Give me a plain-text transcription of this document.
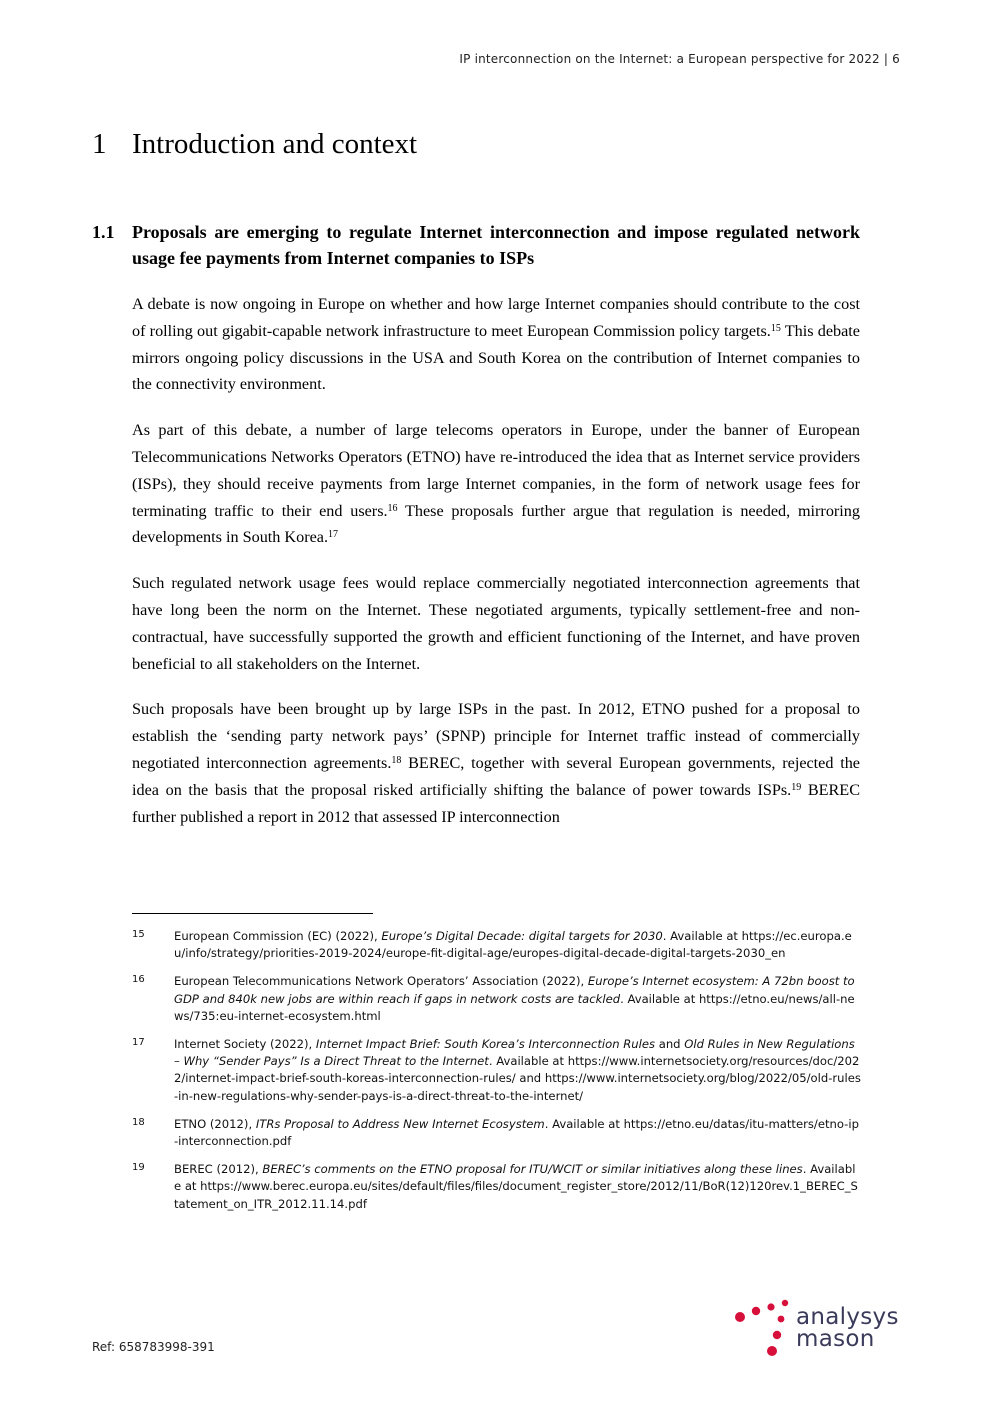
IP interconnection on the Internet: a European perspective for 2022 | 6
1 Introduction and context
1.1 Proposals are emerging to regulate Internet interconnection and impose regulated network usage fee payments from Internet companies to ISPs

A debate is now ongoing in Europe on whether and how large Internet companies should contribute to the cost of rolling out gigabit-capable network infrastructure to meet European Commission policy targets.$^{15}$ This debate mirrors ongoing policy discussions in the USA and South Korea on the contribution of Internet companies to the connectivity environment.

As part of this debate, a number of large telecoms operators in Europe, under the banner of European Telecommunications Networks Operators (ETNO) have re-introduced the idea that as Internet service providers (ISPs), they should receive payments from large Internet companies, in the form of network usage fees for terminating traffic to their end users.$^{16}$ These proposals further argue that regulation is needed, mirroring developments in South Korea.$^{17}$

Such regulated network usage fees would replace commercially negotiated interconnection agreements that have long been the norm on the Internet. These negotiated arguments, typically settlement-free and non-contractual, have successfully supported the growth and efficient functioning of the Internet, and have proven beneficial to all stakeholders on the Internet.

Such proposals have been brought up by large ISPs in the past. In 2012, ETNO pushed for a proposal to establish the ‘sending party network pays’ (SPNP) principle for Internet traffic instead of commercially negotiated interconnection agreements.$^{18}$ BEREC, together with several European governments, rejected the idea on the basis that the proposal risked artificially shifting the balance of power towards ISPs.$^{19}$ BEREC further published a report in 2012 that assessed IP interconnection

15	European Commission (EC) (2022), Europe’s Digital Decade: digital targets for 2030. Available at https://ec.europa.eu/info/strategy/priorities-2019-2024/europe-fit-digital-age/europes-digital-decade-digital-targets-2030_en
16	European Telecommunications Network Operators’ Association (2022), Europe’s Internet ecosystem: A 72bn boost to GDP and 840k new jobs are within reach if gaps in network costs are tackled. Available at https://etno.eu/news/all-news/735:eu-internet-ecosystem.html
17	Internet Society (2022), Internet Impact Brief: South Korea’s Interconnection Rules and Old Rules in New Regulations – Why “Sender Pays” Is a Direct Threat to the Internet. Available at https://www.internetsociety.org/resources/doc/2022/internet-impact-brief-south-koreas-interconnection-rules/ and https://www.internetsociety.org/blog/2022/05/old-rules-in-new-regulations-why-sender-pays-is-a-direct-threat-to-the-internet/
18	ETNO (2012), ITRs Proposal to Address New Internet Ecosystem. Available at https://etno.eu/datas/itu-matters/etno-ip-interconnection.pdf
19	BEREC (2012), BEREC’s comments on the ETNO proposal for ITU/WCIT or similar initiatives along these lines. Available at https://www.berec.europa.eu/sites/default/files/files/document_register_store/2012/11/BoR(12)120rev.1_BEREC_Statement_on_ITR_2012.11.14.pdf
Ref: 658783998-391
analysys
mason
